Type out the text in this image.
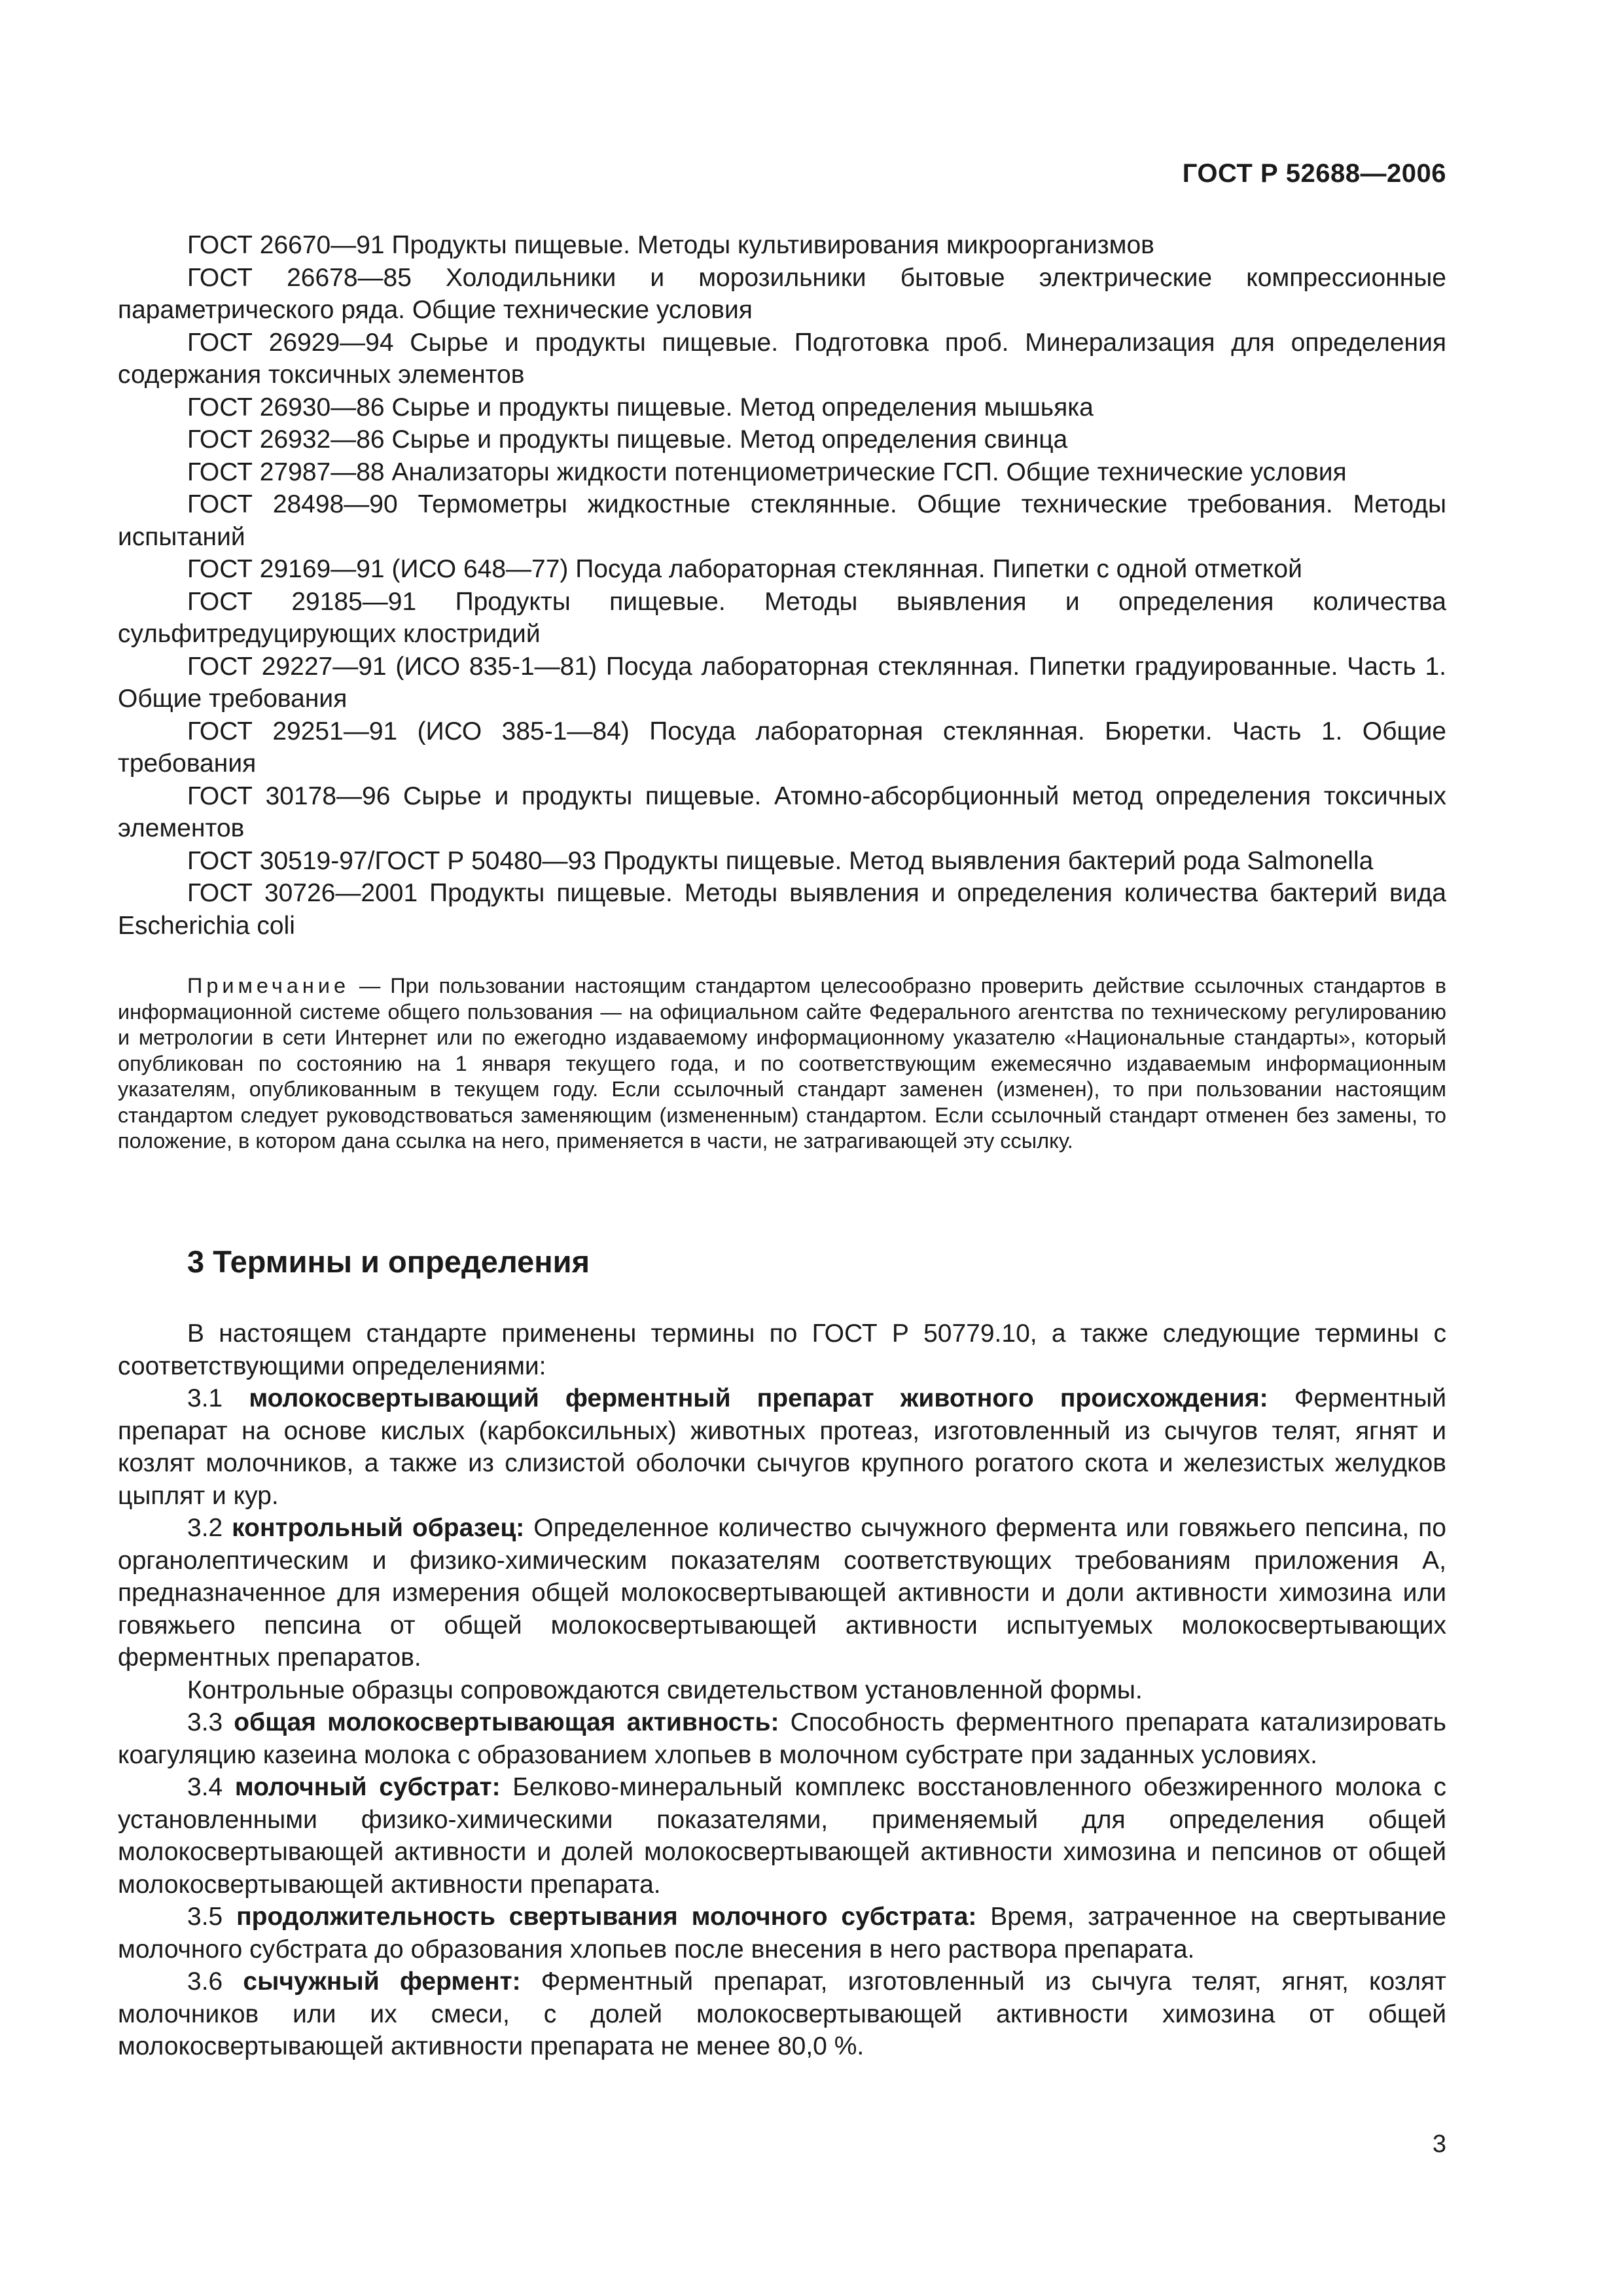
ГОСТ Р 52688—2006

ГОСТ 26670—91 Продукты пищевые. Методы культивирования микроорганизмов

ГОСТ 26678—85 Холодильники и морозильники бытовые электрические компрессионные параметрического ряда. Общие технические условия

ГОСТ 26929—94 Сырье и продукты пищевые. Подготовка проб. Минерализация для определения содержания токсичных элементов

ГОСТ 26930—86 Сырье и продукты пищевые. Метод определения мышьяка

ГОСТ 26932—86 Сырье и продукты пищевые. Метод определения свинца

ГОСТ 27987—88 Анализаторы жидкости потенциометрические ГСП. Общие технические условия

ГОСТ 28498—90 Термометры жидкостные стеклянные. Общие технические требования. Методы испытаний

ГОСТ 29169—91 (ИСО 648—77) Посуда лабораторная стеклянная. Пипетки с одной отметкой

ГОСТ 29185—91 Продукты пищевые. Методы выявления и определения количества сульфитредуцирующих клостридий

ГОСТ 29227—91 (ИСО 835-1—81) Посуда лабораторная стеклянная. Пипетки градуированные. Часть 1. Общие требования

ГОСТ 29251—91 (ИСО 385-1—84) Посуда лабораторная стеклянная. Бюретки. Часть 1. Общие требования

ГОСТ 30178—96 Сырье и продукты пищевые. Атомно-абсорбционный метод определения токсичных элементов

ГОСТ 30519-97/ГОСТ Р 50480—93 Продукты пищевые. Метод выявления бактерий рода Salmonella

ГОСТ 30726—2001 Продукты пищевые. Методы выявления и определения количества бактерий вида Escherichia coli

Примечание — При пользовании настоящим стандартом целесообразно проверить действие ссылочных стандартов в информационной системе общего пользования — на официальном сайте Федерального агентства по техническому регулированию и метрологии в сети Интернет или по ежегодно издаваемому информационному указателю «Национальные стандарты», который опубликован по состоянию на 1 января текущего года, и по соответствующим ежемесячно издаваемым информационным указателям, опубликованным в текущем году. Если ссылочный стандарт заменен (изменен), то при пользовании настоящим стандартом следует руководствоваться заменяющим (измененным) стандартом. Если ссылочный стандарт отменен без замены, то положение, в котором дана ссылка на него, применяется в части, не затрагивающей эту ссылку.

3 Термины и определения

В настоящем стандарте применены термины по ГОСТ Р 50779.10, а также следующие термины с соответствующими определениями:

3.1 молокосвертывающий ферментный препарат животного происхождения: Ферментный препарат на основе кислых (карбоксильных) животных протеаз, изготовленный из сычугов телят, ягнят и козлят молочников, а также из слизистой оболочки сычугов крупного рогатого скота и железистых желудков цыплят и кур.

3.2 контрольный образец: Определенное количество сычужного фермента или говяжьего пепсина, по органолептическим и физико-химическим показателям соответствующих требованиям приложения А, предназначенное для измерения общей молокосвертывающей активности и доли активности химозина или говяжьего пепсина от общей молокосвертывающей активности испытуемых молокосвертывающих ферментных препаратов.

Контрольные образцы сопровождаются свидетельством установленной формы.

3.3 общая молокосвертывающая активность: Способность ферментного препарата катализировать коагуляцию казеина молока с образованием хлопьев в молочном субстрате при заданных условиях.

3.4 молочный субстрат: Белково-минеральный комплекс восстановленного обезжиренного молока с установленными физико-химическими показателями, применяемый для определения общей молокосвертывающей активности и долей молокосвертывающей активности химозина и пепсинов от общей молокосвертывающей активности препарата.

3.5 продолжительность свертывания молочного субстрата: Время, затраченное на свертывание молочного субстрата до образования хлопьев после внесения в него раствора препарата.

3.6 сычужный фермент: Ферментный препарат, изготовленный из сычуга телят, ягнят, козлят молочников или их смеси, с долей молокосвертывающей активности химозина от общей молокосвертывающей активности препарата не менее 80,0 %.

3
